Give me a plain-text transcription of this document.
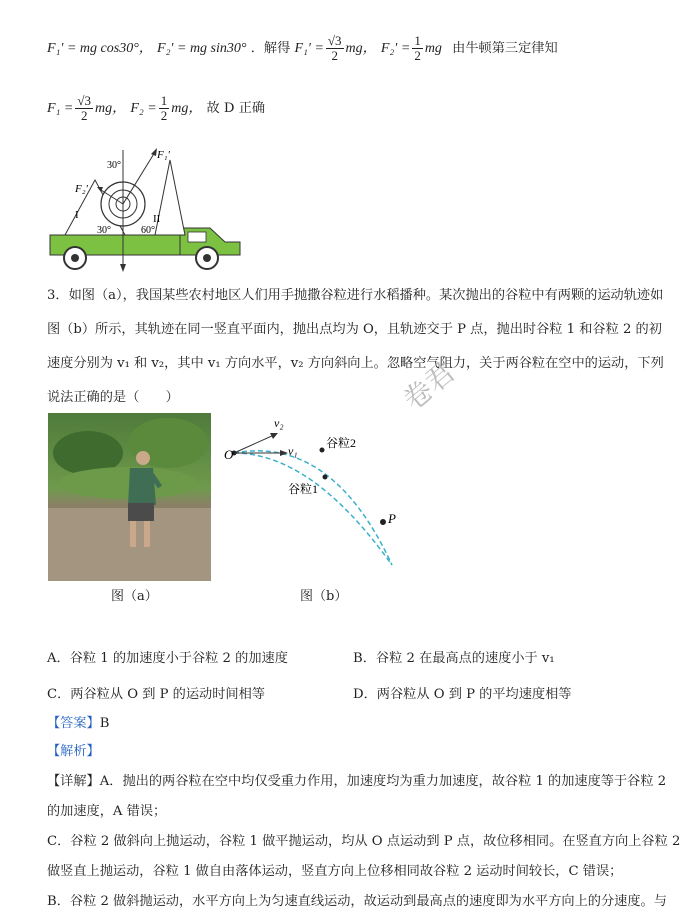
F₁′ = mg cos30°， F₂′ = mg sin30° ．解得 $F_1' = \frac{√3}{2}$ mg， $F_2' = \frac{1}{2}$ mg 由牛顿第三定律知
$F_1 = \frac{√3}{2}$ mg， $F_2 = \frac{1}{2}$ mg， 故 D 正确
30°
F₁′
F₂′
I	II
30°	60°
3．如图（a），我国某些农村地区人们用手抛撒谷粒进行水稻播种。某次抛出的谷粒中有两颗的运动轨迹如
图（b）所示，其轨迹在同一竖直平面内，抛出点均为 O，且轨迹交于 P 点，抛出时谷粒 1 和谷粒 2 的初
速度分别为 v₁ 和 v₂，其中 v₁ 方向水平，v₂ 方向斜向上。忽略空气阻力，关于两谷粒在空中的运动，下列
说法正确的是（　　）	卷君
图（a）
O	v₁
v₂
谷粒2
谷粒1
P
图（b）
A．谷粒 1 的加速度小于谷粒 2 的加速度	B．谷粒 2 在最高点的速度小于 v₁
C．两谷粒从 O 到 P 的运动时间相等	D．两谷粒从 O 到 P 的平均速度相等
【答案】B
【解析】
【详解】A．抛出的两谷粒在空中均仅受重力作用，加速度均为重力加速度，故谷粒 1 的加速度等于谷粒 2
的加速度，A 错误；
C．谷粒 2 做斜向上抛运动，谷粒 1 做平抛运动，均从 O 点运动到 P 点，故位移相同。在竖直方向上谷粒 2
做竖直上抛运动，谷粒 1 做自由落体运动，竖直方向上位移相同故谷粒 2 运动时间较长，C 错误；
B．谷粒 2 做斜抛运动，水平方向上为匀速直线运动，故运动到最高点的速度即为水平方向上的分速度。与
